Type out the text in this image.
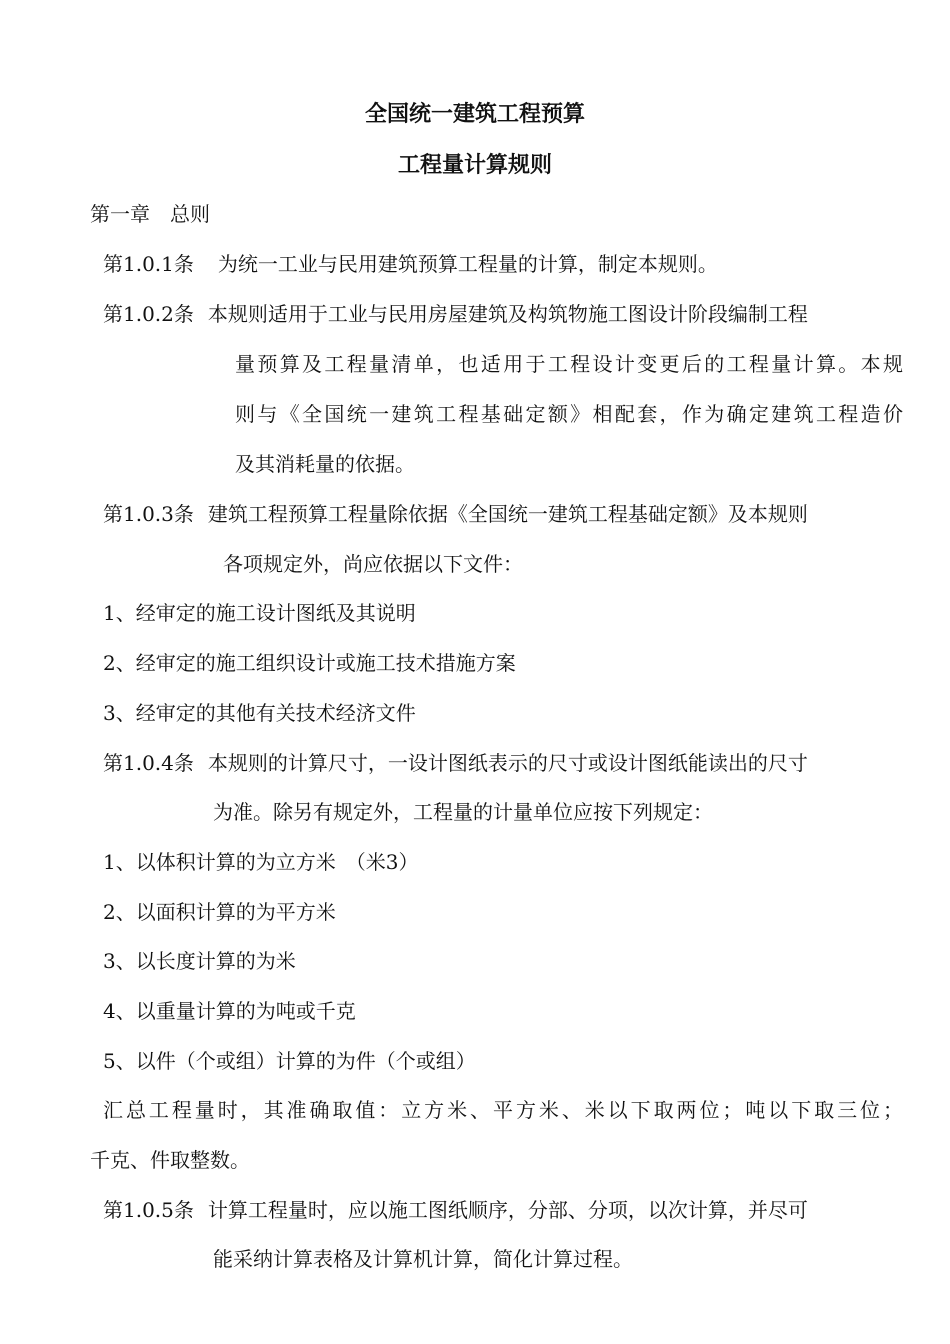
全国统一建筑工程预算
工程量计算规则

第一章　总则

第1.0.1条 为统一工业与民用建筑预算工程量的计算，制定本规则。

第1.0.2条 本规则适用于工业与民用房屋建筑及构筑物施工图设计阶段编制工程

量预算及工程量清单，也适用于工程设计变更后的工程量计算。本规

则与《全国统一建筑工程基础定额》相配套，作为确定建筑工程造价

及其消耗量的依据。

第1.0.3条 建筑工程预算工程量除依据《全国统一建筑工程基础定额》及本规则

各项规定外，尚应依据以下文件：

1、经审定的施工设计图纸及其说明

2、经审定的施工组织设计或施工技术措施方案

3、经审定的其他有关技术经济文件

第1.0.4条 本规则的计算尺寸，一设计图纸表示的尺寸或设计图纸能读出的尺寸

为准。除另有规定外，工程量的计量单位应按下列规定：

1、以体积计算的为立方米　（米3）

2、以面积计算的为平方米

3、以长度计算的为米

4、以重量计算的为吨或千克

5、以件（个或组）计算的为件（个或组）

汇总工程量时，其准确取值：立方米、平方米、米以下取两位；吨以下取三位；

千克、件取整数。

第1.0.5条 计算工程量时，应以施工图纸顺序，分部、分项，以次计算，并尽可

能采纳计算表格及计算机计算，简化计算过程。
